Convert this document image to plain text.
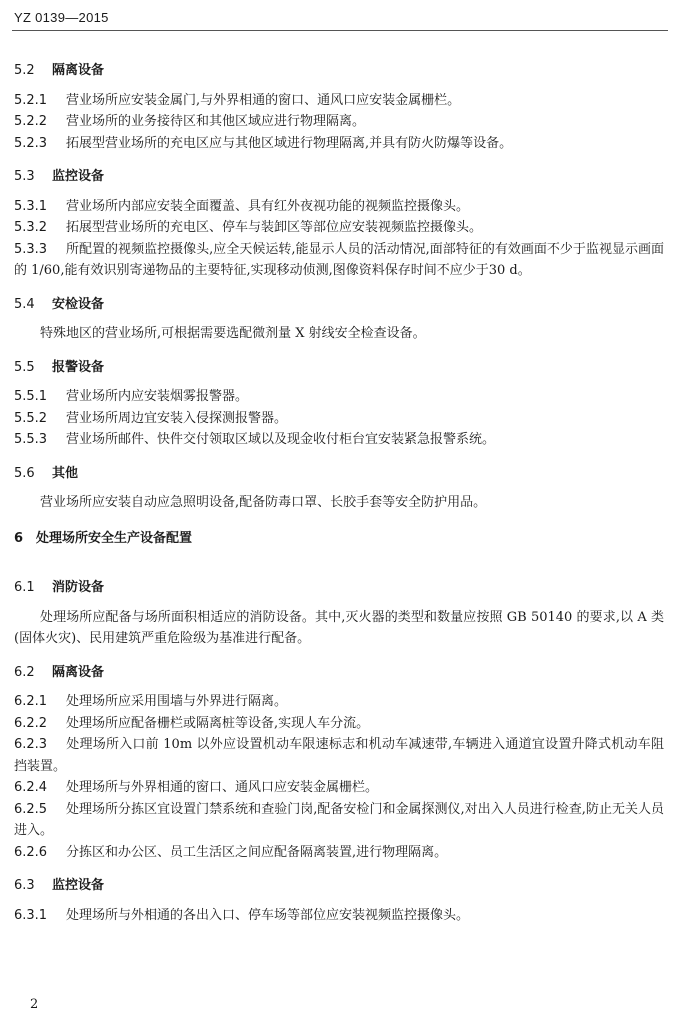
YZ 0139—2015

5.2 隔离设备

5.2.1 营业场所应安装金属门,与外界相通的窗口、通风口应安装金属栅栏。

5.2.2 营业场所的业务接待区和其他区域应进行物理隔离。

5.2.3 拓展型营业场所的充电区应与其他区域进行物理隔离,并具有防火防爆等设备。

5.3 监控设备

5.3.1 营业场所内部应安装全面覆盖、具有红外夜视功能的视频监控摄像头。

5.3.2 拓展型营业场所的充电区、停车与装卸区等部位应安装视频监控摄像头。

5.3.3 所配置的视频监控摄像头,应全天候运转,能显示人员的活动情况,面部特征的有效画面不少于监视显示画面的 1/60,能有效识别寄递物品的主要特征,实现移动侦测,图像资料保存时间不应少于30 d。

5.4 安检设备

特殊地区的营业场所,可根据需要选配微剂量 X 射线安全检查设备。

5.5 报警设备

5.5.1 营业场所内应安装烟雾报警器。

5.5.2 营业场所周边宜安装入侵探测报警器。

5.5.3 营业场所邮件、快件交付领取区域以及现金收付柜台宜安装紧急报警系统。

5.6 其他

营业场所应安装自动应急照明设备,配备防毒口罩、长胶手套等安全防护用品。

6 处理场所安全生产设备配置

6.1 消防设备

处理场所应配备与场所面积相适应的消防设备。其中,灭火器的类型和数量应按照 GB 50140 的要求,以 A 类(固体火灾)、民用建筑严重危险级为基准进行配备。

6.2 隔离设备

6.2.1 处理场所应采用围墙与外界进行隔离。

6.2.2 处理场所应配备栅栏或隔离桩等设备,实现人车分流。

6.2.3 处理场所入口前 10m 以外应设置机动车限速标志和机动车减速带,车辆进入通道宜设置升降式机动车阻挡装置。

6.2.4 处理场所与外界相通的窗口、通风口应安装金属栅栏。

6.2.5 处理场所分拣区宜设置门禁系统和查验门岗,配备安检门和金属探测仪,对出入人员进行检查,防止无关人员进入。

6.2.6 分拣区和办公区、员工生活区之间应配备隔离装置,进行物理隔离。

6.3 监控设备

6.3.1 处理场所与外相通的各出入口、停车场等部位应安装视频监控摄像头。

2
